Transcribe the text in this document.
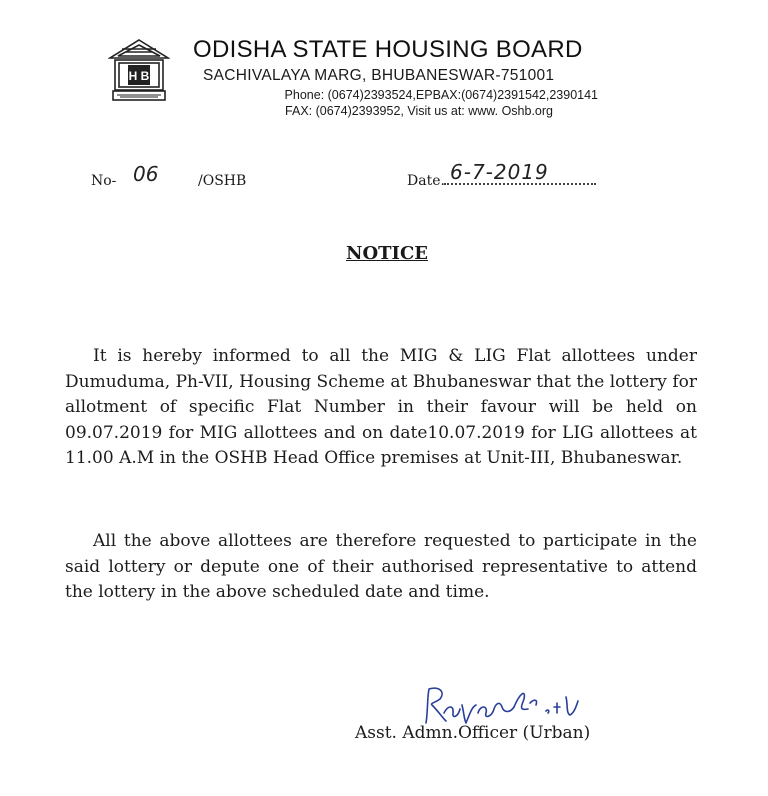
H B
ODISHA STATE HOUSING BOARD
SACHIVALAYA MARG, BHUBANESWAR-751001
Phone: (0674)2393524,EPBAX:(0674)2391542,2390141
FAX: (0674)2393952, Visit us at: www. Oshb.org
No- 06	/OSHB	Date. 6-7-2019
NOTICE

It is hereby informed to all the MIG & LIG Flat allottees under Dumuduma, Ph-VII, Housing Scheme at Bhubaneswar that the lottery for allotment of specific Flat Number in their favour will be held on 09.07.2019 for MIG allottees and on date10.07.2019 for LIG allottees at 11.00 A.M in the OSHB Head Office premises at Unit-III, Bhubaneswar.

All the above allottees are therefore requested to participate in the said lottery or depute one of their authorised representative to attend the lottery in the above scheduled date and time.

Asst. Admn.Officer (Urban)
